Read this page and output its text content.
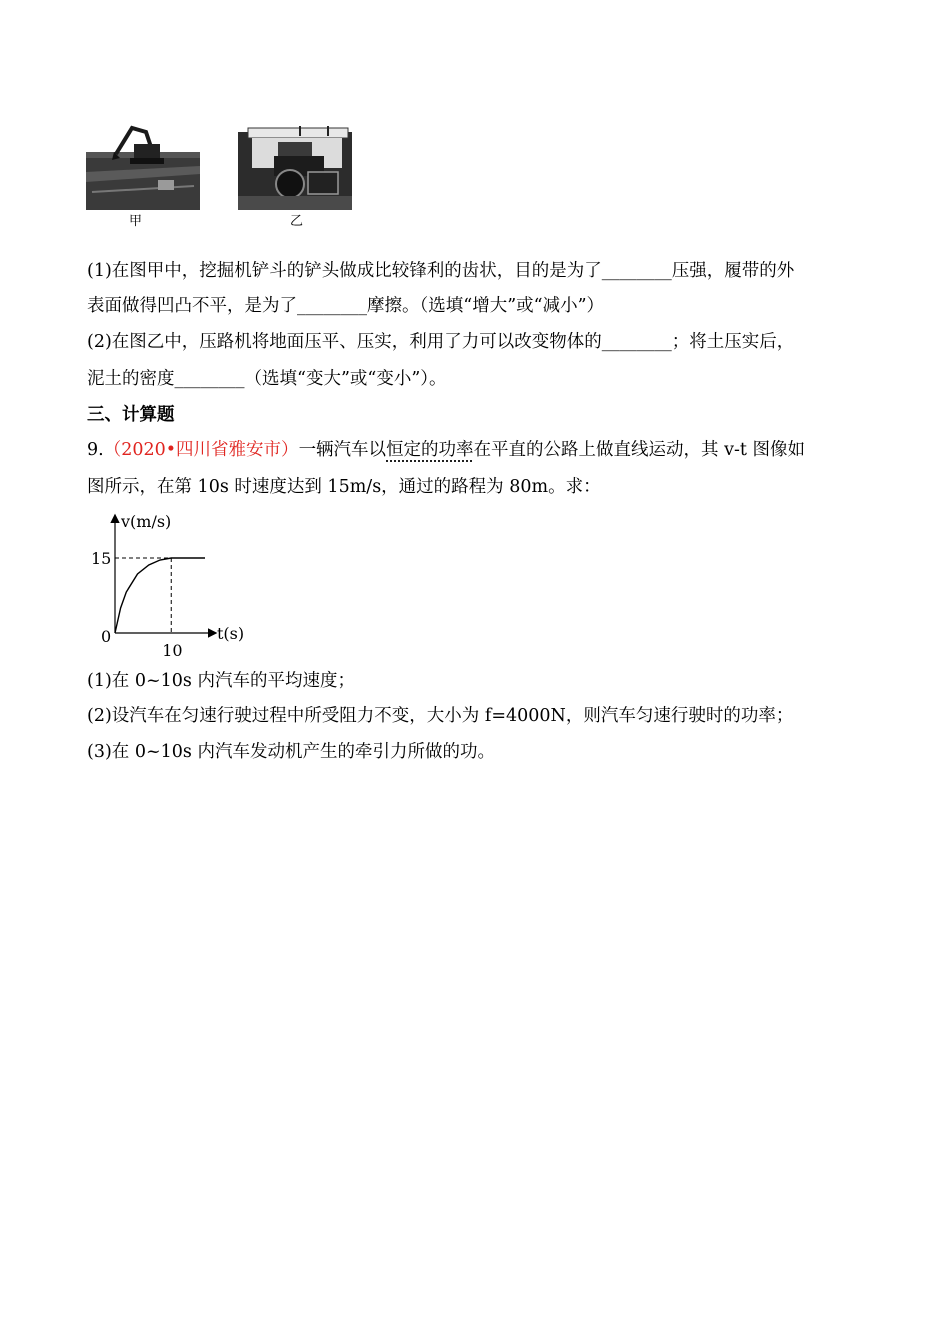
甲	乙
(1)在图甲中，挖掘机铲斗的铲头做成比较锋利的齿状，目的是为了________压强，履带的外
表面做得凹凸不平，是为了________摩擦。（选填“增大”或“减小”）
(2)在图乙中，压路机将地面压平、压实，利用了力可以改变物体的________；将土压实后，
泥土的密度________（选填“变大”或“变小”）。
三、计算题
9.（2020•四川省雅安市）一辆汽车以恒定的功率在平直的公路上做直线运动，其 v-t 图像如
图所示，在第 10s 时速度达到 15m/s，通过的路程为 80m。求：
v(m/s)
t(s)
15
10
0
(1)在 0~10s 内汽车的平均速度；
(2)设汽车在匀速行驶过程中所受阻力不变，大小为 f=4000N，则汽车匀速行驶时的功率；
(3)在 0~10s 内汽车发动机产生的牵引力所做的功。
